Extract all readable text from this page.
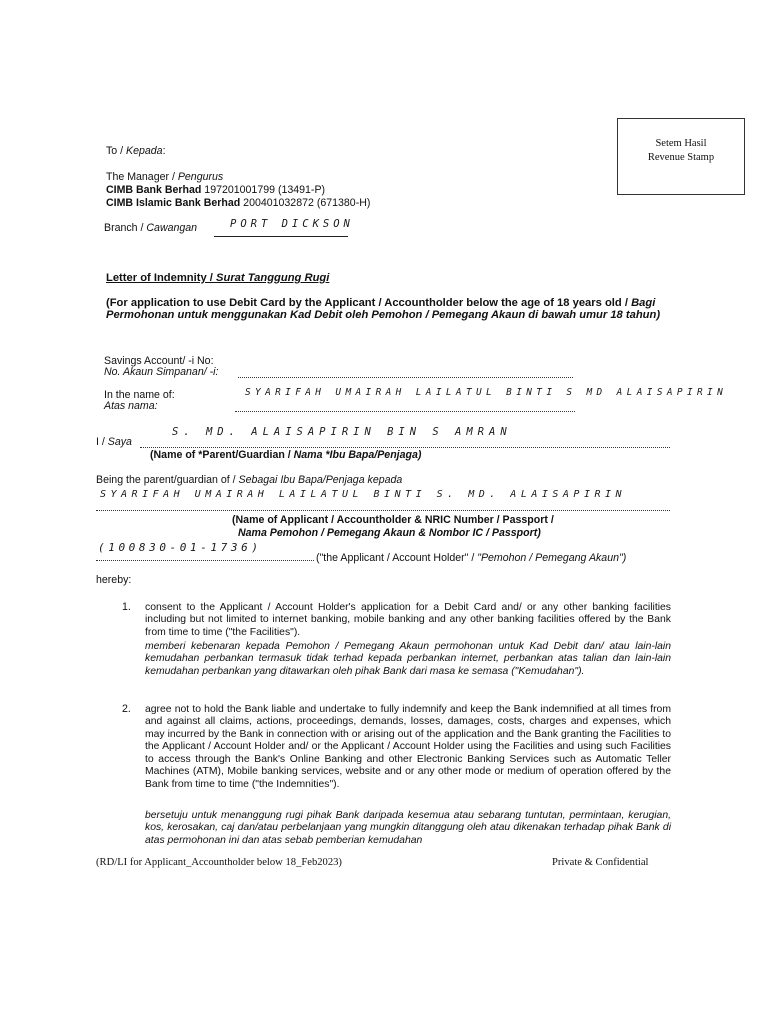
Setem Hasil
Revenue Stamp
To / Kepada:
The Manager / Pengurus
CIMB Bank Berhad 197201001799 (13491-P)
CIMB Islamic Bank Berhad 200401032872 (671380-H)
Branch / Cawangan	PORT DICKSON
Letter of Indemnity / Surat Tanggung Rugi
(For application to use Debit Card by the Applicant / Accountholder below the age of 18 years old / Bagi Permohonan untuk menggunakan Kad Debit oleh Pemohon / Pemegang Akaun di bawah umur 18 tahun)
Savings Account/ -i No:
No. Akaun Simpanan/ -i:
In the name of:
Atas nama:
SYARIFAH UMAIRAH LAILATUL BINTI S MD ALAISAPIRIN
S. MD. ALAISAPIRIN BIN S AMRAN
I / Saya
(Name of *Parent/Guardian / Nama *Ibu Bapa/Penjaga)
Being the parent/guardian of / Sebagai Ibu Bapa/Penjaga kepada
SYARIFAH UMAIRAH LAILATUL BINTI S. MD. ALAISAPIRIN
(Name of Applicant / Accountholder & NRIC Number / Passport /
Nama Pemohon / Pemegang Akaun & Nombor IC / Passport)
(100830-01-1736)
("the Applicant / Account Holder" / "Pemohon / Pemegang Akaun")
hereby:
1. consent to the Applicant / Account Holder's application for a Debit Card and/ or any other banking facilities including but not limited to internet banking, mobile banking and any other banking facilities offered by the Bank from time to time ("the Facilities").
memberi kebenaran kepada Pemohon / Pemegang Akaun permohonan untuk Kad Debit dan/ atau lain-lain kemudahan perbankan termasuk tidak terhad kepada perbankan internet, perbankan atas talian dan lain-lain kemudahan perbankan yang ditawarkan oleh pihak Bank dari masa ke semasa ("Kemudahan").
2. agree not to hold the Bank liable and undertake to fully indemnify and keep the Bank indemnified at all times from and against all claims, actions, proceedings, demands, losses, damages, costs, charges and expenses, which may incurred by the Bank in connection with or arising out of the application and the Bank granting the Facilities to the Applicant / Account Holder and/ or the Applicant / Account Holder using the Facilities and using such Facilities to access through the Bank's Online Banking and other Electronic Banking Services such as Automatic Teller Machines (ATM), Mobile banking services, website and or any other mode or medium of operation offered by the Bank from time to time ("the Indemnities").
bersetuju untuk menanggung rugi pihak Bank daripada kesemua atau sebarang tuntutan, permintaan, kerugian, kos, kerosakan, caj dan/atau perbelanjaan yang mungkin ditanggung oleh atau dikenakan terhadap pihak Bank di atas permohonan ini dan atas sebab pemberian kemudahan
(RD/LI for Applicant_Accountholder below 18_Feb2023)	Private & Confidential
